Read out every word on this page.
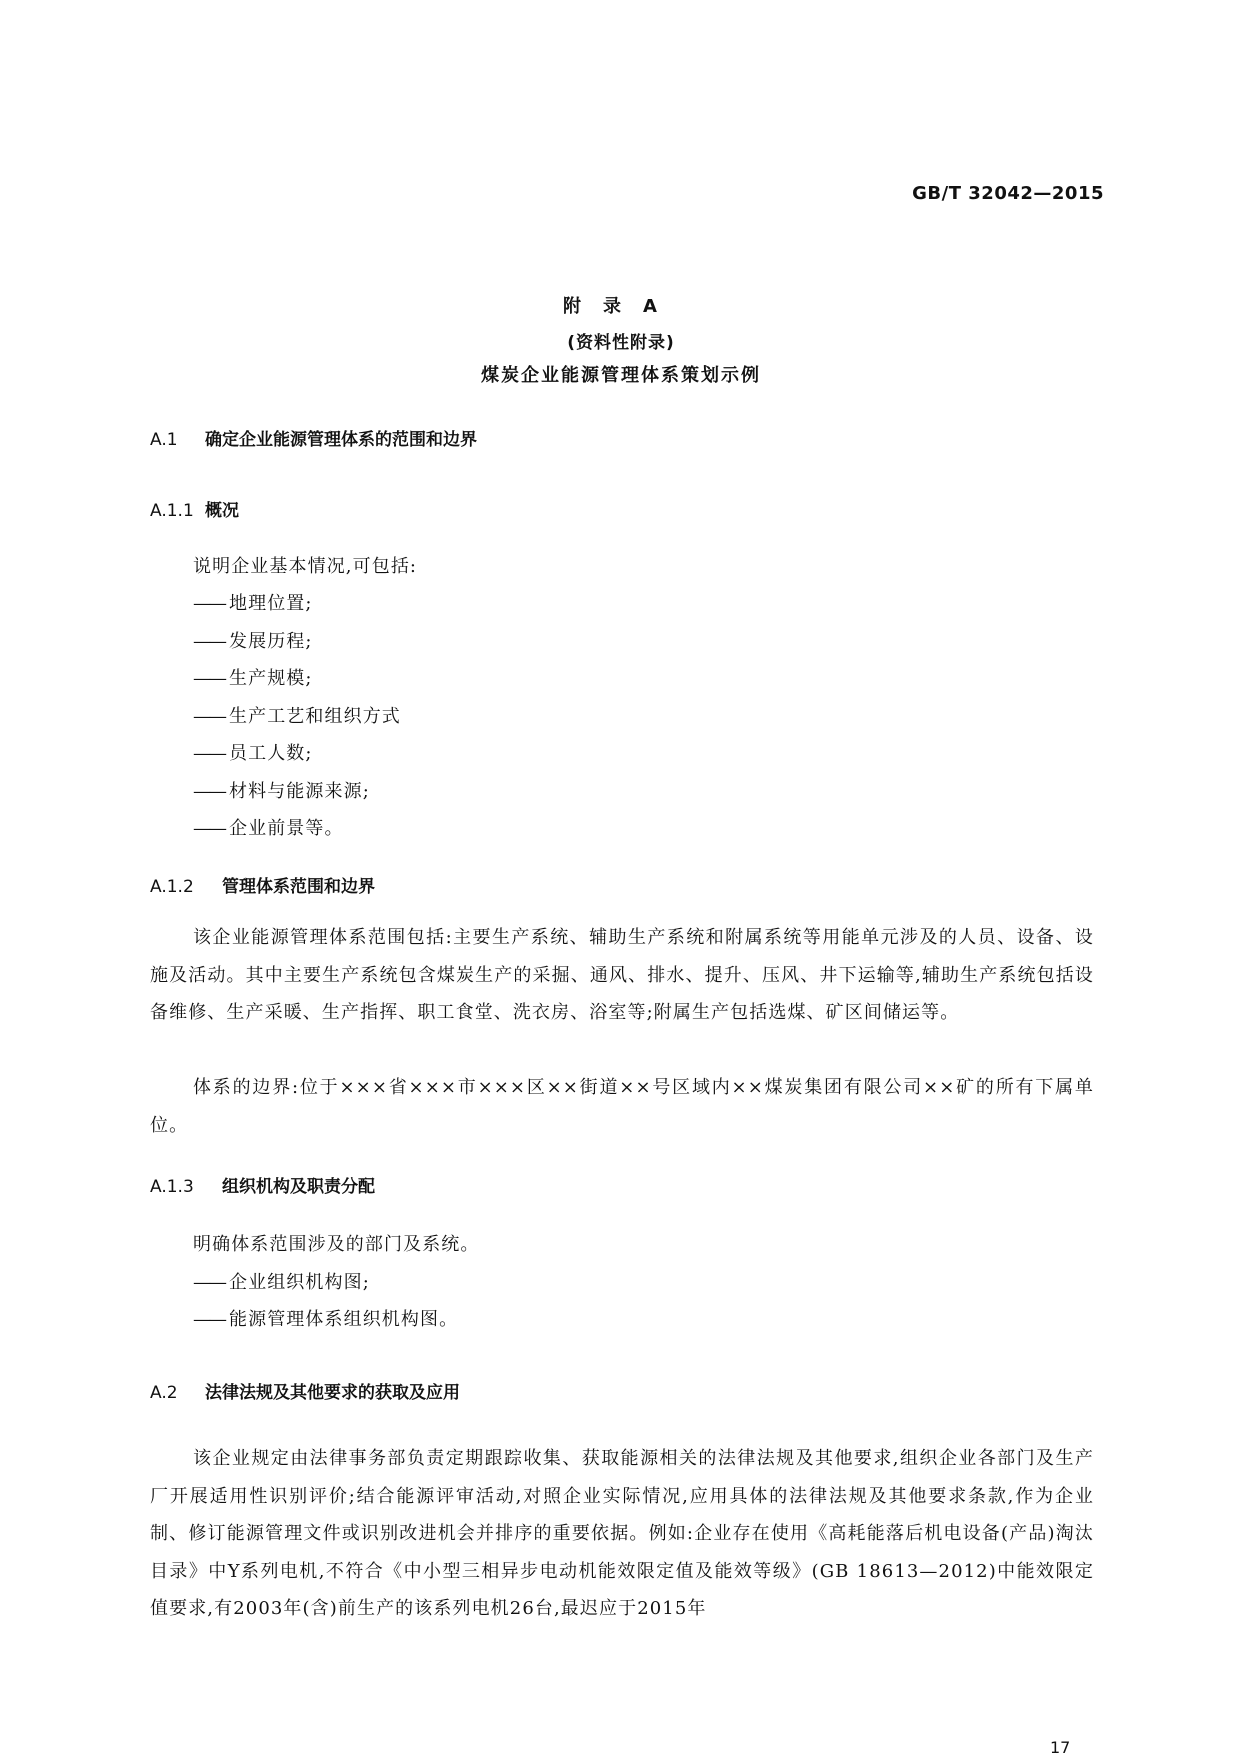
GB/T 32042—2015
附录A
(资料性附录)
煤炭企业能源管理体系策划示例
A.1 确定企业能源管理体系的范围和边界
A.1.1 概况
说明企业基本情况,可包括:
—— 地理位置;
—— 发展历程;
—— 生产规模;
—— 生产工艺和组织方式
—— 员工人数;
—— 材料与能源来源;
—— 企业前景等。
A.1.2 管理体系范围和边界
该企业能源管理体系范围包括:主要生产系统、辅助生产系统和附属系统等用能单元涉及的人员、设备、设施及活动。其中主要生产系统包含煤炭生产的采掘、通风、排水、提升、压风、井下运输等,辅助生产系统包括设备维修、生产采暖、生产指挥、职工食堂、洗衣房、浴室等;附属生产包括选煤、矿区间储运等。
体系的边界:位于×××省×××市×××区××街道××号区域内××煤炭集团有限公司××矿的所有下属单位。
A.1.3 组织机构及职责分配
明确体系范围涉及的部门及系统。
—— 企业组织机构图;
—— 能源管理体系组织机构图。
A.2 法律法规及其他要求的获取及应用
该企业规定由法律事务部负责定期跟踪收集、获取能源相关的法律法规及其他要求,组织企业各部门及生产厂开展适用性识别评价;结合能源评审活动,对照企业实际情况,应用具体的法律法规及其他要求条款,作为企业制、修订能源管理文件或识别改进机会并排序的重要依据。例如:企业存在使用《高耗能落后机电设备(产品)淘汰目录》中Y系列电机,不符合《中小型三相异步电动机能效限定值及能效等级》(GB 18613—2012)中能效限定值要求,有2003年(含)前生产的该系列电机26台,最迟应于2015年
17
